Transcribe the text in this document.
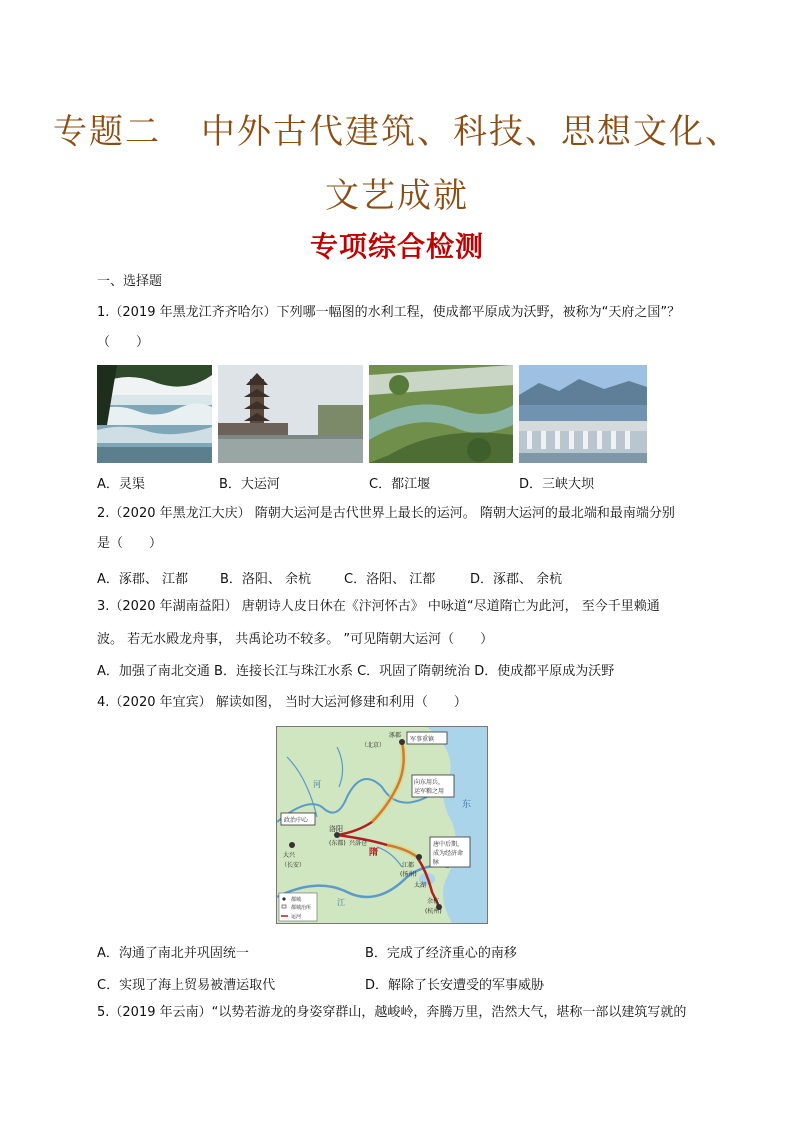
专题二 中外古代建筑、科技、思想文化、
文艺成就
专项综合检测
一、选择题
1.（2019 年黑龙江齐齐哈尔）下列哪一幅图的水利工程，使成都平原成为沃野，被称为“天府之国”？
（　　）
A．灵渠	B．大运河	C．都江堰	D．三峡大坝
2.（2020 年黑龙江大庆） 隋朝大运河是古代世界上最长的运河。 隋朝大运河的最北端和最南端分别
是（　　）
A．涿郡、 江都 B．洛阳、 余杭	C．洛阳、 江都	D．涿郡、 余杭
3.（2020 年湖南益阳） 唐朝诗人皮日休在《汴河怀古》 中咏道“尽道隋亡为此河， 至今千里赖通
波。 若无水殿龙舟事， 共禹论功不较多。 ”可见隋朝大运河（　　）
A．加强了南北交通 B．连接长江与珠江水系 C．巩固了隋朝统治 D．使成都平原成为沃野
4.（2020 年宜宾） 解读如图， 当时大运河修建和利用（　　）
涿郡
（北京）
军事重镇
向东用兵，
运军粮之用
政治中心
洛阳
(东都) 兴洛仓
大兴
（长安）
唐中后期，
成为经济命
脉
江都
(扬州)
太湖
余杭
(杭州)
河
江
东
隋
都城
都城治所
运河
A．沟通了南北并巩固统一	B．完成了经济重心的南移
C．实现了海上贸易被漕运取代	D．解除了长安遭受的军事威胁
5.（2019 年云南）“以势若游龙的身姿穿群山，越峻岭，奔腾万里，浩然大气，堪称一部以建筑写就的
